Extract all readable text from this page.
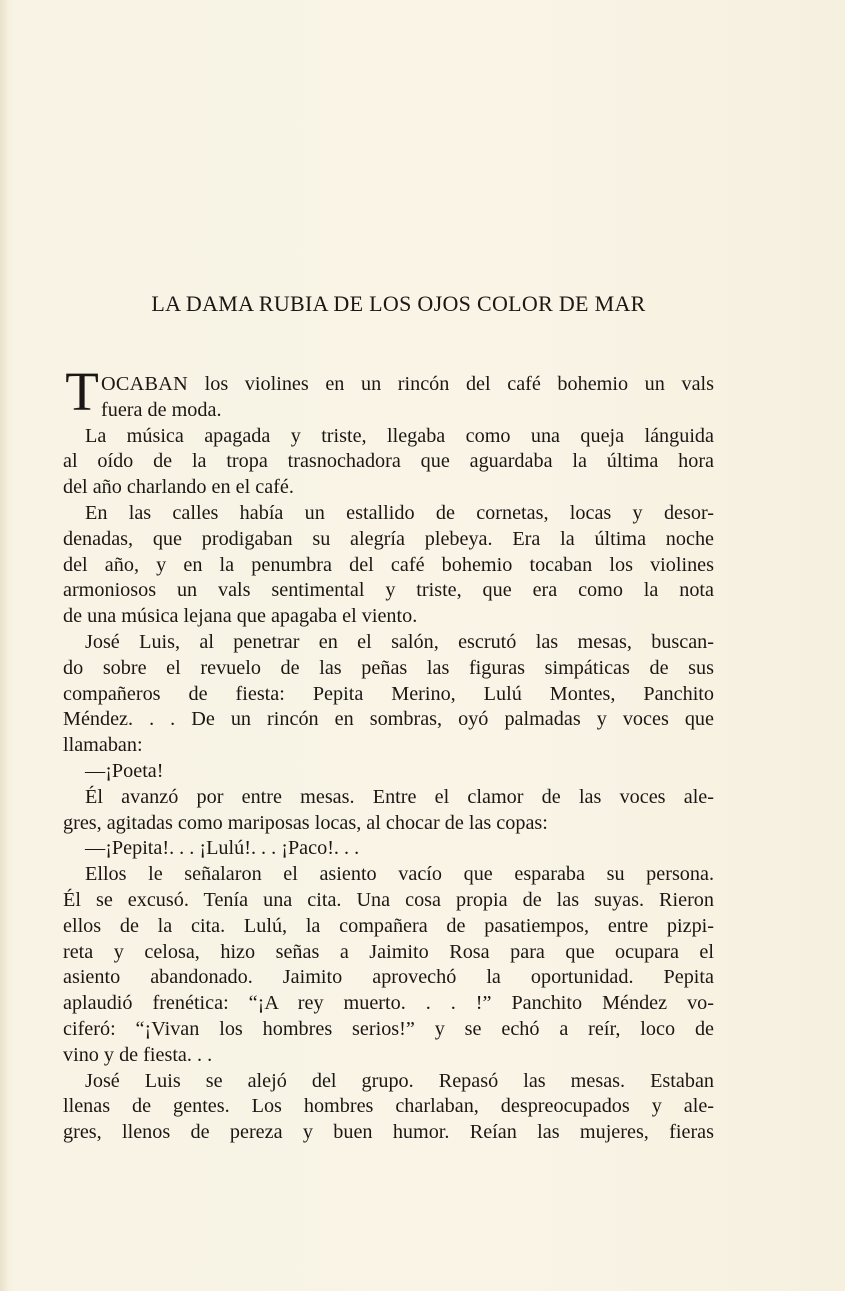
LA DAMA RUBIA DE LOS OJOS COLOR DE MAR
T OCABAN los violines en un rincón del café bohemio un vals
fuera de moda.
La música apagada y triste, llegaba como una queja lánguida
al oído de la tropa trasnochadora que aguardaba la última hora
del año charlando en el café.
En las calles había un estallido de cornetas, locas y desor-
denadas, que prodigaban su alegría plebeya. Era la última noche
del año, y en la penumbra del café bohemio tocaban los violines
armoniosos un vals sentimental y triste, que era como la nota
de una música lejana que apagaba el viento.
José Luis, al penetrar en el salón, escrutó las mesas, buscan-
do sobre el revuelo de las peñas las figuras simpáticas de sus
compañeros de fiesta: Pepita Merino, Lulú Montes, Panchito
Méndez. . . De un rincón en sombras, oyó palmadas y voces que
llamaban:
—¡Poeta!
Él avanzó por entre mesas. Entre el clamor de las voces ale-
gres, agitadas como mariposas locas, al chocar de las copas:
—¡Pepita!. . . ¡Lulú!. . . ¡Paco!. . .
Ellos le señalaron el asiento vacío que esparaba su persona.
Él se excusó. Tenía una cita. Una cosa propia de las suyas. Rieron
ellos de la cita. Lulú, la compañera de pasatiempos, entre pizpi-
reta y celosa, hizo señas a Jaimito Rosa para que ocupara el
asiento abandonado. Jaimito aprovechó la oportunidad. Pepita
aplaudió frenética: “¡A rey muerto. . . !” Panchito Méndez vo-
ciferó: “¡Vivan los hombres serios!” y se echó a reír, loco de
vino y de fiesta. . .
José Luis se alejó del grupo. Repasó las mesas. Estaban
llenas de gentes. Los hombres charlaban, despreocupados y ale-
gres, llenos de pereza y buen humor. Reían las mujeres, fieras
